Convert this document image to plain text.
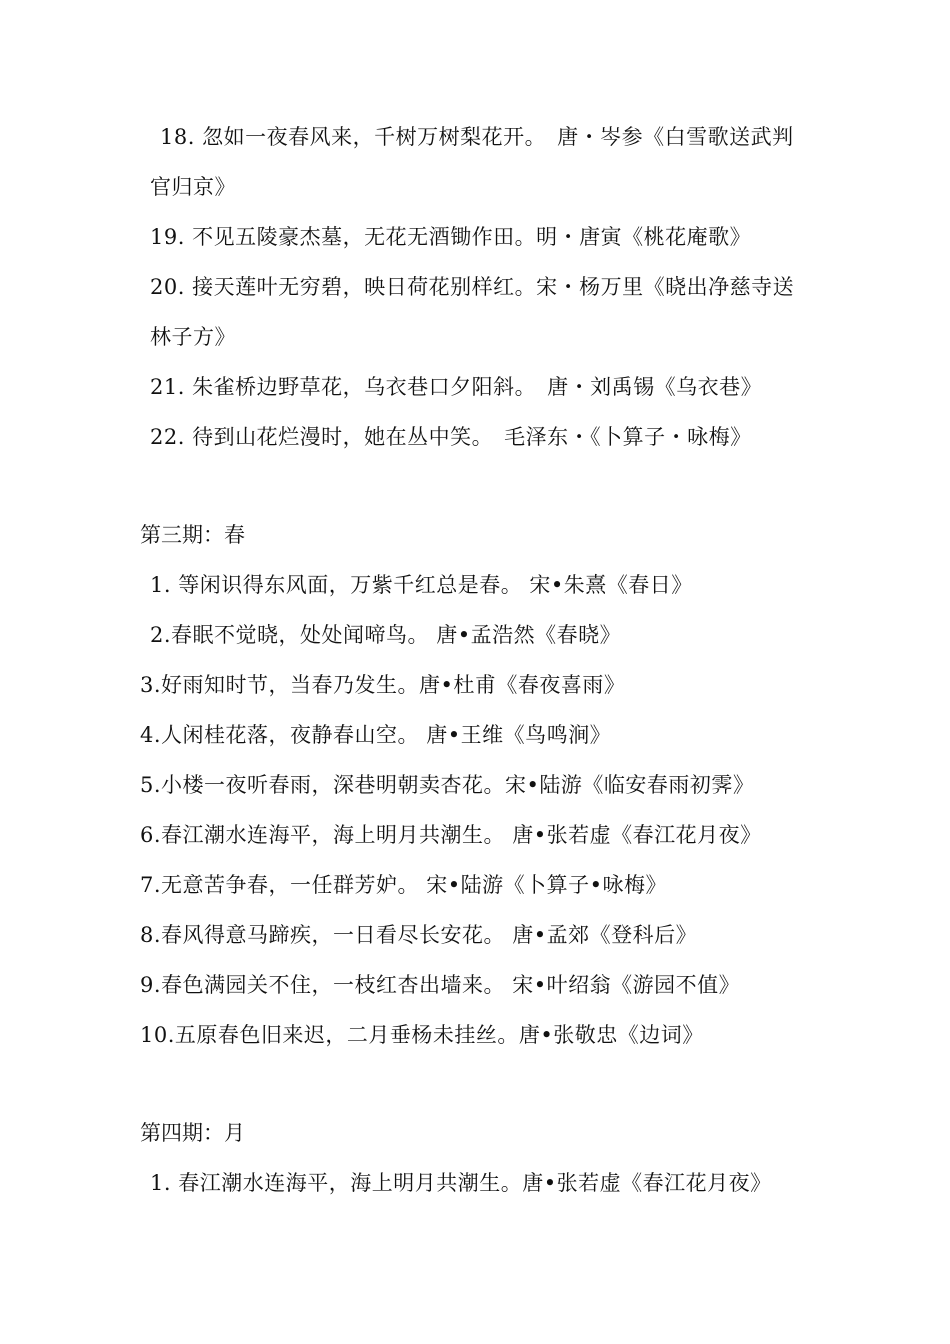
18. 忽如一夜春风来，千树万树梨花开。　唐・岑参《白雪歌送武判
官归京》
19. 不见五陵豪杰墓，无花无酒锄作田。明・唐寅《桃花庵歌》
20. 接天莲叶无穷碧，映日荷花别样红。宋・杨万里《晓出净慈寺送
林子方》
21. 朱雀桥边野草花，乌衣巷口夕阳斜。　唐・刘禹锡《乌衣巷》
22. 待到山花烂漫时，她在丛中笑。　毛泽东・《卜算子・咏梅》
第三期：春
1. 等闲识得东风面，万紫千红总是春。 宋•朱熹《春日》
2.春眠不觉晓，处处闻啼鸟。 唐•孟浩然《春晓》
3.好雨知时节，当春乃发生。唐•杜甫《春夜喜雨》
4.人闲桂花落，夜静春山空。 唐•王维《鸟鸣涧》
5.小楼一夜听春雨，深巷明朝卖杏花。宋•陆游《临安春雨初霁》
6.春江潮水连海平，海上明月共潮生。 唐•张若虚《春江花月夜》
7.无意苦争春，一任群芳妒。 宋•陆游《卜算子•咏梅》
8.春风得意马蹄疾，一日看尽长安花。 唐•孟郊《登科后》
9.春色满园关不住，一枝红杏出墙来。 宋•叶绍翁《游园不值》
10.五原春色旧来迟，二月垂杨未挂丝。唐•张敬忠《边词》
第四期：月
1. 春江潮水连海平，海上明月共潮生。唐•张若虚《春江花月夜》
